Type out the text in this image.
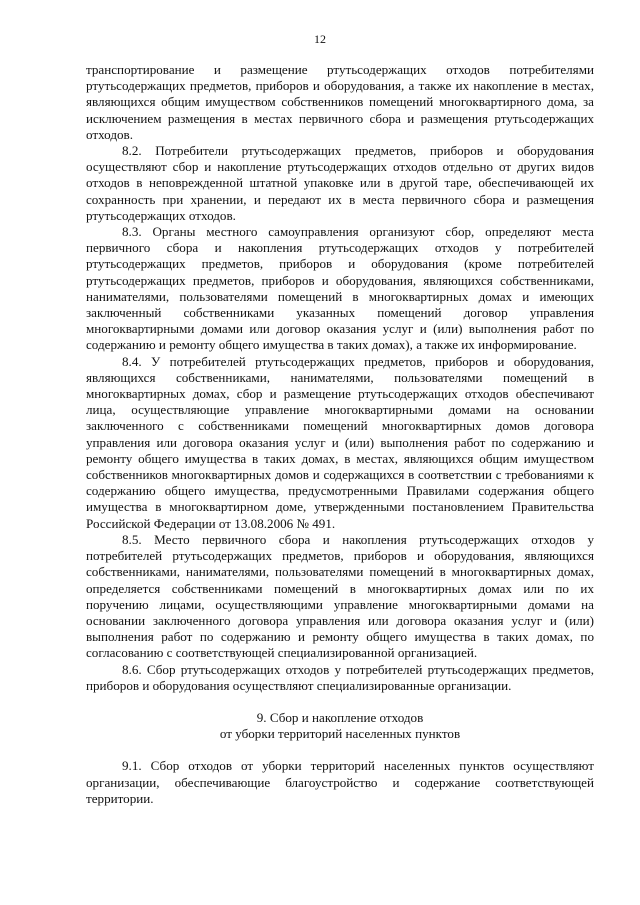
12

транспортирование и размещение ртутьсодержащих отходов потребителями ртутьсодержащих предметов, приборов и оборудования, а также их накопление в местах, являющихся общим имуществом собственников помещений многоквартирного дома, за исключением размещения в местах первичного сбора и размещения ртутьсодержащих отходов.

8.2. Потребители ртутьсодержащих предметов, приборов и оборудования осуществляют сбор и накопление ртутьсодержащих отходов отдельно от других видов отходов в неповрежденной штатной упаковке или в другой таре, обеспечивающей их сохранность при хранении, и передают их в места первичного сбора и размещения ртутьсодержащих отходов.

8.3. Органы местного самоуправления организуют сбор, определяют места первичного сбора и накопления ртутьсодержащих отходов у потребителей ртутьсодержащих предметов, приборов и оборудования (кроме потребителей ртутьсодержащих предметов, приборов и оборудования, являющихся собственниками, нанимателями, пользователями помещений в многоквартирных домах и имеющих заключенный собственниками указанных помещений договор управления многоквартирными домами или договор оказания услуг и (или) выполнения работ по содержанию и ремонту общего имущества в таких домах), а также их информирование.

8.4. У потребителей ртутьсодержащих предметов, приборов и оборудования, являющихся собственниками, нанимателями, пользователями помещений в многоквартирных домах, сбор и размещение ртутьсодержащих отходов обеспечивают лица, осуществляющие управление многоквартирными домами на основании заключенного с собственниками помещений многоквартирных домов договора управления или договора оказания услуг и (или) выполнения работ по содержанию и ремонту общего имущества в таких домах, в местах, являющихся общим имуществом собственников многоквартирных домов и содержащихся в соответствии с требованиями к содержанию общего имущества, предусмотренными Правилами содержания общего имущества в многоквартирном доме, утвержденными постановлением Правительства Российской Федерации от 13.08.2006 № 491.

8.5. Место первичного сбора и накопления ртутьсодержащих отходов у потребителей ртутьсодержащих предметов, приборов и оборудования, являющихся собственниками, нанимателями, пользователями помещений в многоквартирных домах, определяется собственниками помещений в многоквартирных домах или по их поручению лицами, осуществляющими управление многоквартирными домами на основании заключенного договора управления или договора оказания услуг и (или) выполнения работ по содержанию и ремонту общего имущества в таких домах, по согласованию с соответствующей специализированной организацией.

8.6. Сбор ртутьсодержащих отходов у потребителей ртутьсодержащих предметов, приборов и оборудования осуществляют специализированные организации.

9. Сбор и накопление отходов
от уборки территорий населенных пунктов

9.1. Сбор отходов от уборки территорий населенных пунктов осуществляют организации, обеспечивающие благоустройство и содержание соответствующей территории.
